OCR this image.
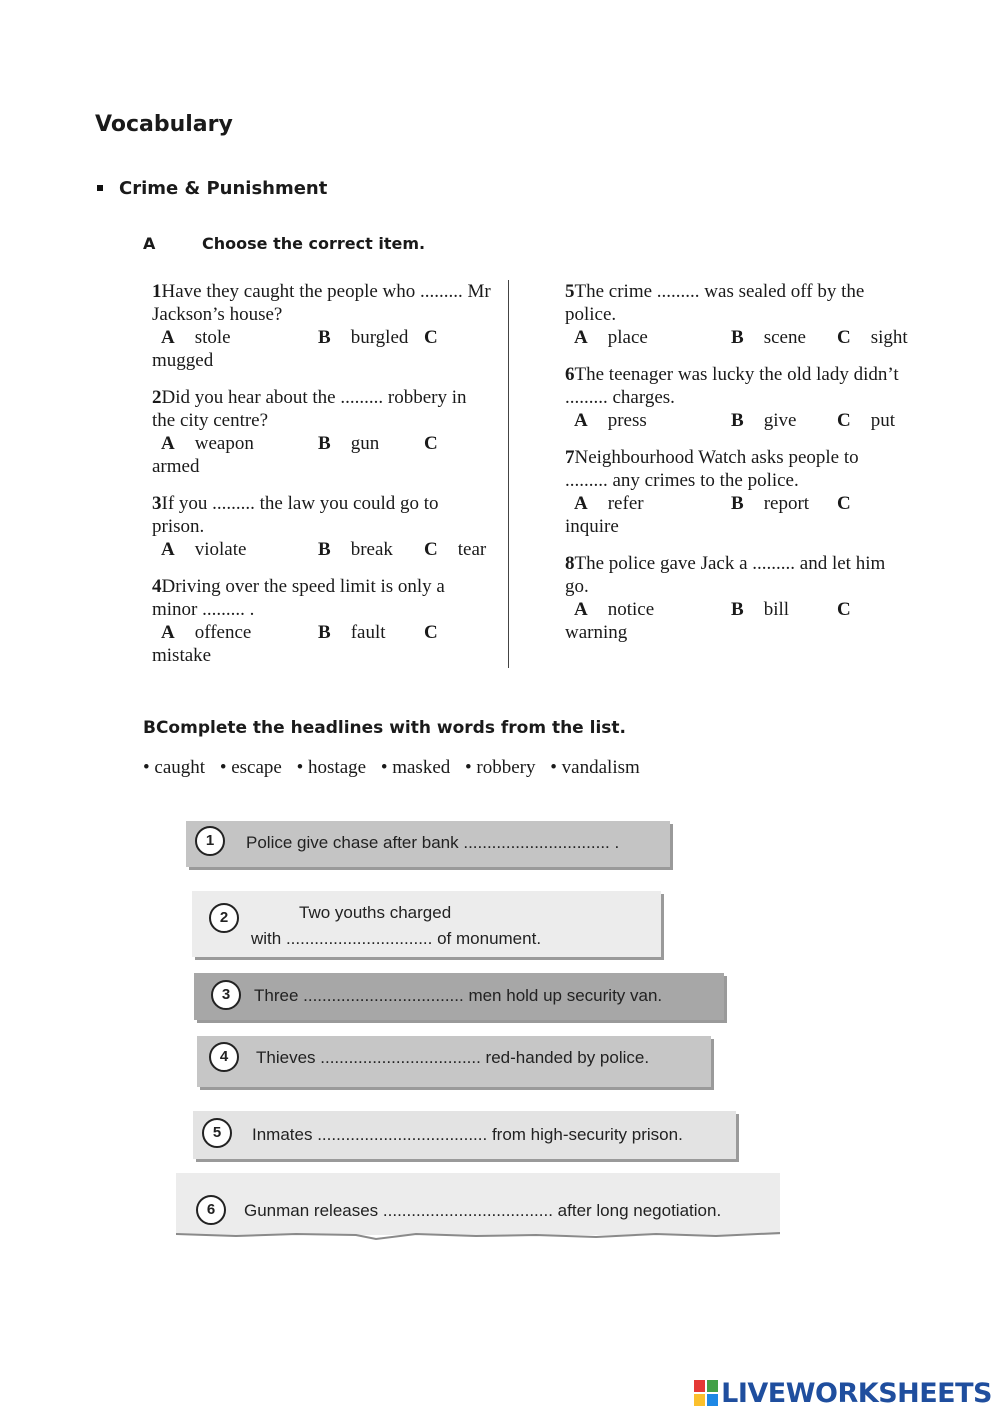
Vocabulary
Crime & Punishment
A	Choose the correct item.
1Have they caught the people who ......... Mr Jackson’s house?
A stole	B burgled C
mugged
2Did you hear about the ......... robbery in the city centre?
A weapon	B gun C
armed
3If you ......... the law you could go to prison.
A violate	B break C tear
4Driving over the speed limit is only a minor ......... .
A offence	B fault C
mistake
5The crime ......... was sealed off by the police.
A place	B scene C sight
6The teenager was lucky the old lady didn’t ......... charges.
A press	B give C put
7Neighbourhood Watch asks people to ......... any crimes to the police.
A refer	B report C
inquire
8The police gave Jack a ......... and let him go.
A notice	B bill	C
warning
BComplete the headlines with words from the list.
• caught • escape • hostage • masked • robbery • vandalism
1	Police give chase after bank ............................... .
2	Two youths charged
with ............................... of monument.
3	Three .................................. men hold up security van.
4	Thieves .................................. red-handed by police.
5	Inmates .................................... from high-security prison.
6	Gunman releases .................................... after long negotiation.
LIVEWORKSHEETS
